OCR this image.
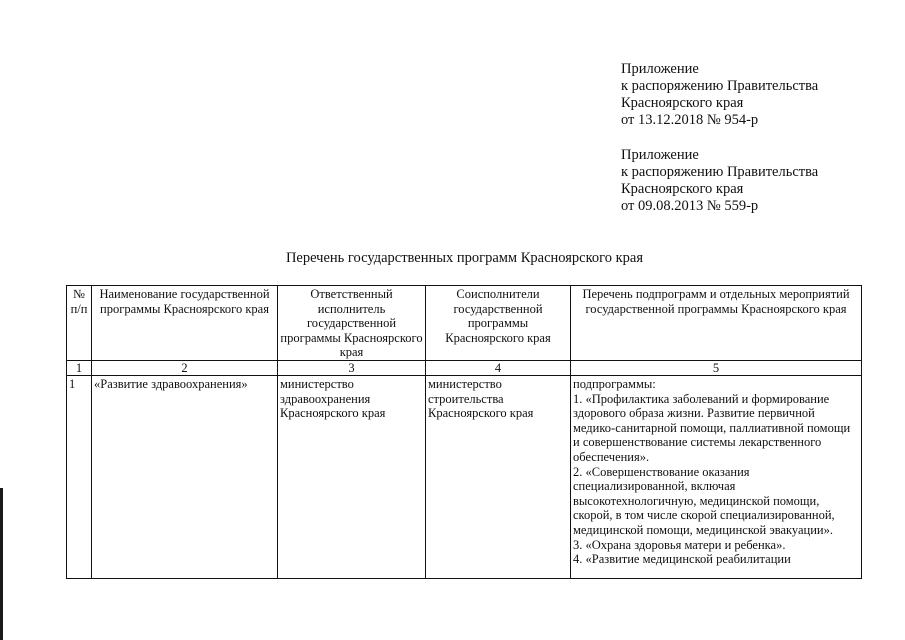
Приложение
к распоряжению Правительства
Красноярского края
от 13.12.2018 № 954-р
Приложение
к распоряжению Правительства
Красноярского края
от 09.08.2013 № 559-р
Перечень государственных программ Красноярского края
№ п/п	Наименование государственной программы Красноярского края	Ответственный исполнитель государственной программы Красноярского края	Соисполнители государственной программы Красноярского края	Перечень подпрограмм и отдельных мероприятий государственной программы Красноярского края
1	2	3	4	5
1	«Развитие здравоохранения»	министерство здравоохранения Красноярского края	министерство строительства Красноярского края	подпрограммы:
1. «Профилактика заболеваний и формирование здорового образа жизни. Развитие первичной медико-санитарной помощи, паллиативной помощи и совершенствование системы лекарственного обеспечения».
2. «Совершенствование оказания специализированной, включая высокотехнологичную, медицинской помощи, скорой, в том числе скорой специализированной, медицинской помощи, медицинской эвакуации».
3. «Охрана здоровья матери и ребенка».
4. «Развитие медицинской реабилитации
